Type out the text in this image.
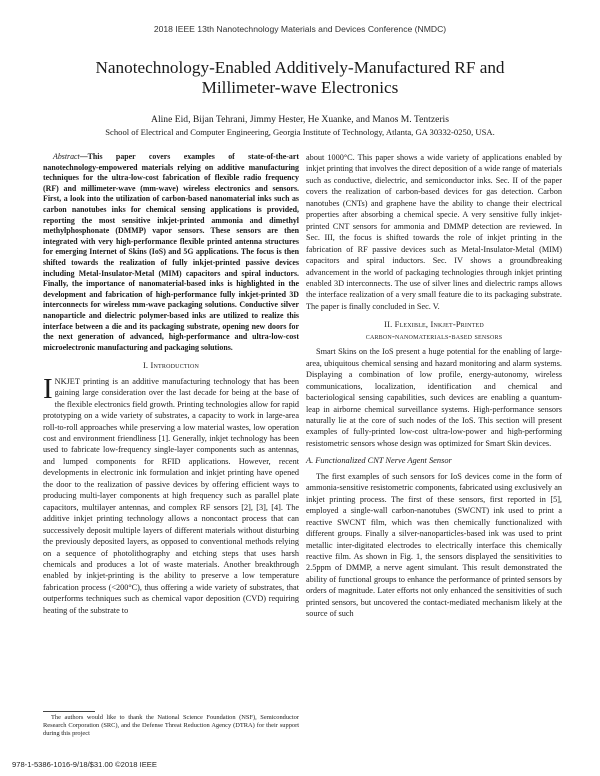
2018 IEEE 13th Nanotechnology Materials and Devices Conference (NMDC)
Nanotechnology-Enabled Additively-Manufactured RF and Millimeter-wave Electronics
Aline Eid, Bijan Tehrani, Jimmy Hester, He Xuanke, and Manos M. Tentzeris
School of Electrical and Computer Engineering, Georgia Institute of Technology, Atlanta, GA 30332-0250, USA.

Abstract—This paper covers examples of state-of-the-art nanotechnology-empowered materials relying on additive manufacturing techniques for the ultra-low-cost fabrication of flexible radio frequency (RF) and millimeter-wave (mm-wave) wireless electronics and sensors. First, a look into the utilization of carbon-based nanomaterial inks such as carbon nanotubes inks for chemical sensing applications is provided, reporting the most sensitive inkjet-printed ammonia and dimethyl methylphosphonate (DMMP) vapor sensors. These sensors are then integrated with very high-performance flexible printed antenna structures for emerging Internet of Skins (IoS) and 5G applications. The focus is then shifted towards the realization of fully inkjet-printed passive devices including Metal-Insulator-Metal (MIM) capacitors and spiral inductors. Finally, the importance of nanomaterial-based inks is highlighted in the development and fabrication of high-performance fully inkjet-printed 3D interconnects for wireless mm-wave packaging solutions. Conductive silver nanoparticle and dielectric polymer-based inks are utilized to realize this interface between a die and its packaging substrate, opening new doors for the next generation of advanced, high-performance and ultra-low-cost microelectronic manufacturing and packaging solutions.

I. Introduction

INKJET printing is an additive manufacturing technology that has been gaining large consideration over the last decade for being at the base of the flexible electronics field growth. Printing technologies allow for rapid prototyping on a wide variety of substrates, a capacity to work in large-area roll-to-roll approaches while preserving a low material wastes, low operation cost and environment friendliness [1]. Generally, inkjet technology has been used to fabricate low-frequency single-layer components such as antennas, and lumped components for RFID applications. However, recent developments in electronic ink formulation and inkjet printing have opened the door to the realization of passive devices by offering efficient ways to producing multi-layer components at high frequency such as parallel plate capacitors, multilayer antennas, and complex RF sensors [2], [3], [4]. The additive inkjet printing technology allows a noncontact process that can successively deposit multiple layers of different materials without disturbing the previously deposited layers, as opposed to conventional methods relying on a sequence of photolithography and etching steps that uses harsh chemicals and produces a lot of waste materials. Another breakthrough enabled by inkjet-printing is the ability to preserve a low temperature fabrication process (<200°C), thus offering a wide variety of substrates, that outperforms techniques such as chemical vapor deposition (CVD) requiring heating of the substrate to

about 1000°C. This paper shows a wide variety of applications enabled by inkjet printing that involves the direct deposition of a wide range of materials such as conductive, dielectric, and semiconductor inks. Sec. II of the paper covers the realization of carbon-based devices for gas detection. Carbon nanotubes (CNTs) and graphene have the ability to change their electrical properties after absorbing a chemical specie. A very sensitive fully inkjet-printed CNT sensors for ammonia and DMMP detection are reviewed. In Sec. III, the focus is shifted towards the role of inkjet printing in the fabrication of RF passive devices such as Metal-Insulator-Metal (MIM) capacitors and spiral inductors. Sec. IV shows a groundbreaking advancement in the world of packaging technologies through inkjet printing enabled 3D interconnects. The use of silver lines and dielectric ramps allows the interface realization of a very small feature die to its packaging substrate. The paper is finally concluded in Sec. V.

II. Flexible, Inkjet-Printed
carbon-nanomaterials-based sensors

Smart Skins on the IoS present a huge potential for the enabling of large-area, ubiquitous chemical sensing and hazard monitoring and alarm systems. Displaying a combination of low profile, energy-autonomy, wireless communications, localization, identification and chemical and bacteriological sensing capabilities, such devices are enabling a quantum-leap in airborne chemical surveillance systems. High-performance sensors naturally lie at the core of such nodes of the IoS. This section will present examples of fully-printed low-cost ultra-low-power and high-performing resistometric sensors whose design was optimized for Smart Skin devices.

A. Functionalized CNT Nerve Agent Sensor

The first examples of such sensors for IoS devices come in the form of ammonia-sensitive resistometric components, fabricated using exclusively an inkjet printing process. The first of these sensors, first reported in [5], employed a single-wall carbon-nanotubes (SWCNT) ink used to print a reactive SWCNT film, which was then chemically functionalized with different groups. Finally a silver-nanoparticles-based ink was used to print metallic inter-digitated electrodes to electrically interface this chemically reactive film. As shown in Fig. 1, the sensors displayed the sensitivities to 2.5ppm of DMMP, a nerve agent simulant. This result demonstrated the ability of functional groups to enhance the performance of printed sensors by orders of magnitude. Later efforts not only enhanced the sensitivities of such printed sensors, but uncovered the contact-mediated mechanism likely at the source of such

The authors would like to thank the National Science Foundation (NSF), Semiconductor Research Corporation (SRC), and the Defense Threat Reduction Agency (DTRA) for their support during this project
978-1-5386-1016-9/18/$31.00 ©2018 IEEE
